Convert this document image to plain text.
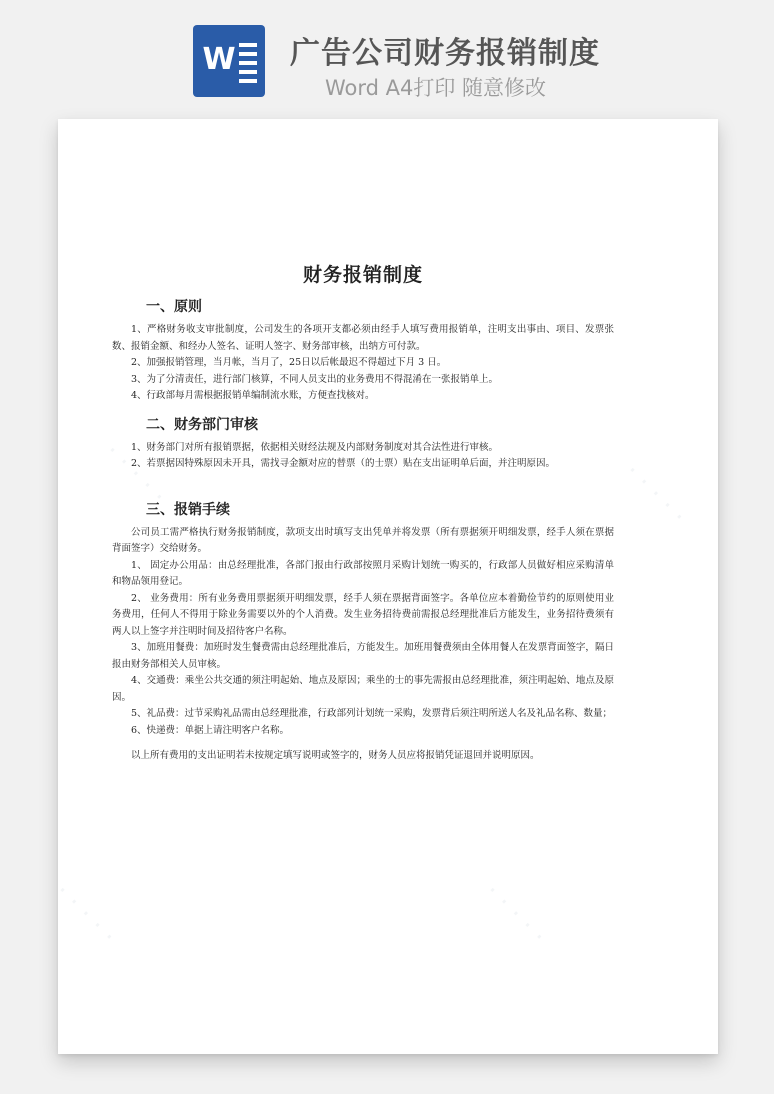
W 广告公司财务报销制度
Word A4打印 随意修改
· · · · ·	· · · · ·
· · · · ·	· · · · ·
财务报销制度
一、原则

1、严格财务收支审批制度，公司发生的各项开支都必须由经手人填写费用报销单，注明支出事由、项目、发票张数、报销金额、和经办人签名、证明人签字、财务部审核，出纳方可付款。

2、加强报销管理，当月帐，当月了，25日以后帐最迟不得超过下月 3 日。

3、为了分清责任，进行部门核算，不同人员支出的业务费用不得混淆在一张报销单上。

4、行政部每月需根据报销单编制流水账，方便查找核对。

二、财务部门审核

1、财务部门对所有报销票据，依据相关财经法规及内部财务制度对其合法性进行审核。

2、若票据因特殊原因未开具，需找寻金额对应的替票（的士票）贴在支出证明单后面，并注明原因。

三、报销手续

公司员工需严格执行财务报销制度，款项支出时填写支出凭单并将发票（所有票据须开明细发票，经手人须在票据背面签字）交给财务。

1、 固定办公用品：由总经理批准，各部门报由行政部按照月采购计划统一购买的，行政部人员做好相应采购清单和物品领用登记。

2、 业务费用：所有业务费用票据须开明细发票，经手人须在票据背面签字。各单位应本着勤俭节约的原则使用业务费用，任何人不得用于除业务需要以外的个人消费。发生业务招待费前需报总经理批准后方能发生，业务招待费须有两人以上签字并注明时间及招待客户名称。

3、加班用餐费：加班时发生餐费需由总经理批准后，方能发生。加班用餐费须由全体用餐人在发票背面签字，隔日报由财务部相关人员审核。

4、交通费：乘坐公共交通的须注明起始、地点及原因；乘坐的士的事先需报由总经理批准，须注明起始、地点及原因。

5、礼品费：过节采购礼品需由总经理批准，行政部列计划统一采购，发票背后须注明所送人名及礼品名称、数量；

6、快递费：单据上请注明客户名称。

以上所有费用的支出证明若未按规定填写说明或签字的，财务人员应将报销凭证退回并说明原因。
